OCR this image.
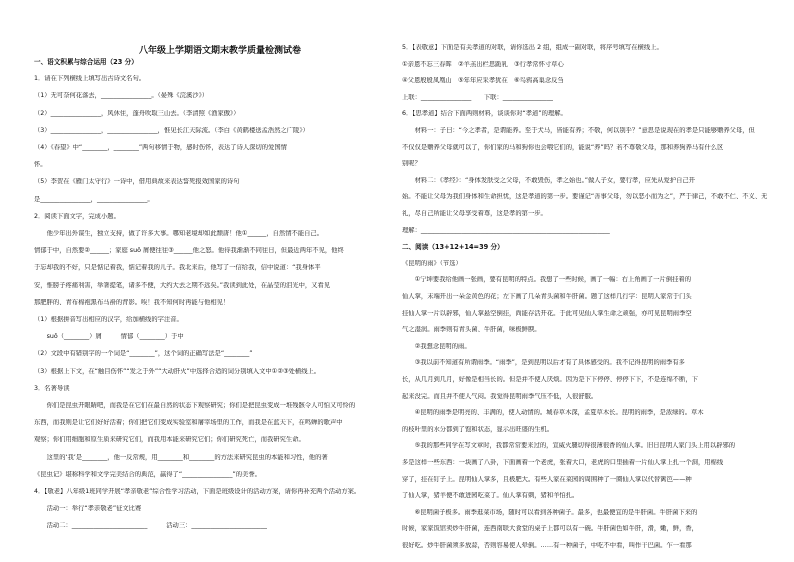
八年级上学期语文期末教学质量检测试卷
一、语文积累与综合运用（23 分）
1．请在下列横线上填写出古诗文名句。
（1）无可奈何花落去，________________。（晏殊《浣溪沙》）
（2）________________，风休住，蓬舟吹取三山去。（李清照《渔家傲》）
（3）________________，________________，惟见长江天际流。（李白《黄鹤楼送孟浩然之广陵》）
（4）《春望》中“________，________”两句移情于物，感时伤怀，表达了诗人深切的爱国情
怀。
（5）李贺在《雁门太守行》一诗中，借用典故来表达誓死报效国家的诗句
是________________，________________。
2．阅读下面文字，完成小题。
　　他少年出外谋生，独立支持，做了许多大事。哪知老境却如此颓唐！他①______，自然情不能自己。
情郁于中，自然要②______；家庭 suǒ 屑便往往③______他之怒。他待我渐渐不同往日，但最近两年不见，他终
于忘却我的不好，只是惦记着我，惦记着我的儿子。我北来后，他写了一信给我，信中说道：“我身体平
安，惟膀子疼痛利害，举箸提笔，诸多不便，大约大去之期不远矣。”我读到此处，在晶莹的泪光中，又看见
那肥胖的、青布棉袍黑布马褂的背影。唉！我不知何时再能与他相见！
（1）根据拼音写出相应的汉字，给加横线的字注音。
　　suǒ（________）屑　　　情郁（________）于中
（2）文段中有错别字的一个词是“________”，这个词的正确写法是“________”
（3）根据上下文，在“触目伤怀”“发之于外”“大动肝火”中选择合适的词分别填入文中①②③处横线上。
3．名著导读
　　你们是昆虫开眼睛吧，而我是在它们在最自然的状态下观察研究；你们是把昆虫变成一堆残骸令人可怕又可怜的
东西，而我则是让它们好好活着；你们把它们变成实验室和屠宰场里的工作，而我是在蓝天下，在鸣蝉的歌声中
观察；你们用细胞和原生质来研究它们，而我用本能来研究它们；你们研究死亡，而我研究生命。
　　这里的‘我’是________，他一反常规，用________和________的方法来研究昆虫的本能和习性，他的著
《昆虫记》堪称科学和文学完美结合的典范，赢得了“________________”的美誉。
4．【敬老】八年级1班同学开展“孝亲敬老”综合性学习活动，下面是班级设计的活动方案，请你再补充两个活动方案。
　　活动一：举行“孝亲敬老”征文比赛
　　活动二：________________________　　　活动三：________________________
5．【表敬意】下面是有关孝道的对联，请你选出 2 组，组成一副对联，将序号填写在横线上。
①亲恩不忘三春晖　②羊羔出栏思跪乳　③行孝常怀寸草心
④父恩殷殷凤凰山　⑤年年应采孝犹在　⑥鸟鸦高巢念反刍
上联：________________　　下联：________________
6．【思孝道】结合下面两则材料，谈谈你对“孝道”的理解。
　　材料一：子曰：“今之孝者，是谓能养。至于犬马，皆能有养；不敬，何以别乎？”意思是说现在的孝是只能够赡养父母，但
不仅仅是赡养父母就可以了，你们家的马和狗你也会喂它们的，能说“养”吗？若不尊敬父母，那和养狗养马有什么区
别呢？
　　材料二：《孝经》：“身体发肤受之父母，不敢毁伤，孝之始也。”做人子女，要行孝，应先从爱护自己开
始。不能让父母为我们身体和生命担忧，这是孝道的第一步。要谨记“善事父母，勿以恶小而为之”，严于律己，不敢不仁、不义、无
礼，尽自己所能让父母享受着尊，这是孝的第一步。
理解：____________________________________________________________
二、阅读（13+12+14=39 分）
《昆明的雨》（节选）
　　①宁坤要我给他画一张画，要有昆明的特点。我想了一些时候，画了一幅：右上角画了一片倒挂着的
仙人掌，末端开出一朵金黄色的花；左下画了几朵青头菌和牛肝菌。题了这样几行字：昆明人家常于门头
挂仙人掌一片以辟邪，仙人掌悬空倒挂，尚能存活开花。于此可见仙人掌生命之顽强，亦可见昆明雨季空
气之湿润。雨季则有青头菌、牛肝菌，味极鲜腴。
　　②我想念昆明的雨。
　　③我以前不知道有所谓雨季。“雨季”，是到昆明以后才有了具体感受的。我不记得昆明的雨季有多
长，从几月到几月，好像是相当长的。但是并不使人厌烦。因为是下下停停、停停下下，不是连绵不断，下
起来没完。而且并不使人气闷。我觉得昆明雨季气压不低，人很舒服。
　　④昆明的雨季是明亮的、丰满的，使人动情的。城春草木深，孟夏草木长。昆明的雨季，是浓绿的。草木
的枝叶里的水分都到了饱和状态，显示出旺盛的生机。
　　⑤我的那些同学在写文章时，我都常常要来过的，宣威火腿切得很薄很香的仙人掌。旧日昆明人家门头上用以辟邪的
多是这样一些东西：一块画了八卦，下面画着一个老虎，张着大口，老虎的口里插着一片仙人掌上扎一个洞，用棉线
穿了，挂在钉子上。昆明仙人掌多，且极肥大。有些人家在菜园的周围种了一圈仙人掌以代替篱笆——种
了仙人掌，猪羊便不敢进园吃菜了。仙人掌有刺，猪和羊怕扎。
　　⑥昆明菌子极多。雨季逛菜市场，随时可以看到各种菌子。最多，也最便宜的是牛肝菌。牛肝菌下来的
时候，家家饭馆卖炒牛肝菌，连西南联大食堂的桌子上都可以有一碗。牛肝菌色如牛肝，滑，嫩，鲜，香，
很好吃。炒牛肝菌须多放蒜，否则容易使人晕倒。……有一种菌子，中吃不中看，叫作干巴菌。乍一看那
